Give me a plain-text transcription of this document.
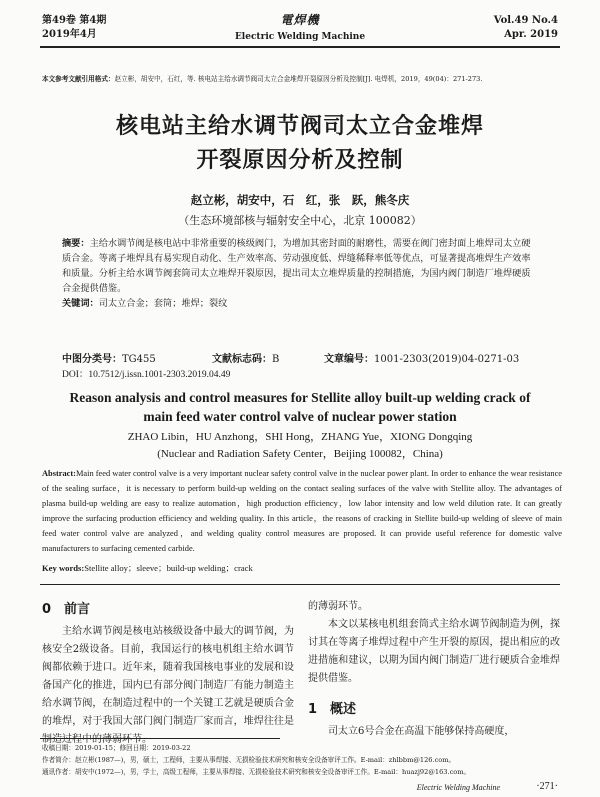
第49卷 第4期
2019年4月
電焊機
Electric Welding Machine
Vol.49 No.4
Apr. 2019
本文参考文献引用格式：赵立彬，胡安中，石红，等. 核电站主给水调节阀司太立合金堆焊开裂原因分析及控制[J]. 电焊机，2019，49(04)：271-273.
核电站主给水调节阀司太立合金堆焊
开裂原因分析及控制
赵立彬，胡安中，石　红，张　跃，熊冬庆
（生态环境部核与辐射安全中心，北京 100082）
摘要：主给水调节阀是核电站中非常重要的核级阀门，为增加其密封面的耐磨性，需要在阀门密封面上堆焊司太立硬质合金。等离子堆焊具有易实现自动化、生产效率高、劳动强度低、焊缝稀释率低等优点，可显著提高堆焊生产效率和质量。分析主给水调节阀套筒司太立堆焊开裂原因，提出司太立堆焊质量的控制措施，为国内阀门制造厂堆焊硬质合金提供借鉴。
关键词：司太立合金；套筒；堆焊；裂纹
中图分类号：TG455	文献标志码：B	文章编号：1001-2303(2019)04-0271-03
DOI：10.7512/j.issn.1001-2303.2019.04.49
Reason analysis and control measures for Stellite alloy built-up welding crack of
main feed water control valve of nuclear power station
ZHAO Libin，HU Anzhong，SHI Hong，ZHANG Yue，XIONG Dongqing
(Nuclear and Radiation Safety Center，Beijing 100082，China)
Abstract:Main feed water control valve is a very important nuclear safety control valve in the nuclear power plant. In order to enhance the wear resistance of the sealing surface，it is necessary to perform build-up welding on the contact sealing surfaces of the valve with Stellite alloy. The advantages of plasma build-up welding are easy to realize automation，high production efficiency，low labor intensity and low weld dilution rate. It can greatly improve the surfacing production efficiency and welding quality. In this article，the reasons of cracking in Stellite build-up welding of sleeve of main feed water control valve are analyzed，and welding quality control measures are proposed. It can provide useful reference for domestic valve manufacturers to surfacing cemented carbide.
Key words:Stellite alloy；sleeve；build-up welding；crack
0　前言

主给水调节阀是核电站核级设备中最大的调节阀，为核安全2级设备。目前，我国运行的核电机组主给水调节阀都依赖于进口。近年来，随着我国核电事业的发展和设备国产化的推进，国内已有部分阀门制造厂有能力制造主给水调节阀，在制造过程中的一个关键工艺就是硬质合金的堆焊，对于我国大部门阀门制造厂家而言，堆焊往往是制造过程中的薄弱环节。

的薄弱环节。

本文以某核电机组套筒式主给水调节阀制造为例，探讨其在等离子堆焊过程中产生开裂的原因，提出相应的改进措施和建议，以期为国内阀门制造厂进行硬质合金堆焊提供借鉴。

1　概述

司太立6号合金在高温下能够保持高硬度，

收稿日期：2019-01-15；修回日期：2019-03-22
作者简介：赵立彬(1987—)，男，硕士，工程师，主要从事焊接、无损检验技术研究和核安全设备审评工作。E-mail：zhlbbm@126.com。
通讯作者：胡安中(1972—)，男，学士，高级工程师，主要从事焊接、无损检验技术研究和核安全设备审评工作。E-mail：huazj92@163.com。
Electric Welding Machine	·271·
